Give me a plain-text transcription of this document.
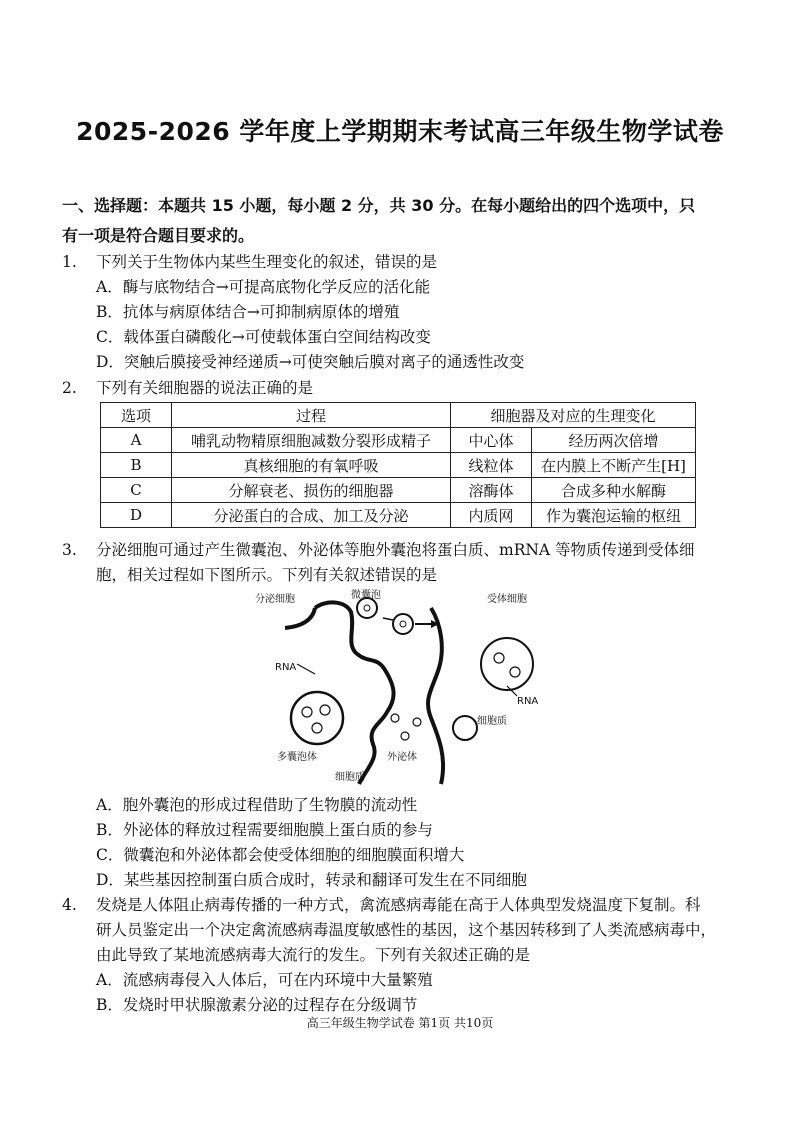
2025-2026 学年度上学期期末考试高三年级生物学试卷
一、选择题：本题共 15 小题，每小题 2 分，共 30 分。在每小题给出的四个选项中，只
有一项是符合题目要求的。
1. 下列关于生物体内某些生理变化的叙述，错误的是
A．酶与底物结合→可提高底物化学反应的活化能
B．抗体与病原体结合→可抑制病原体的增殖
C．载体蛋白磷酸化→可使载体蛋白空间结构改变
D．突触后膜接受神经递质→可使突触后膜对离子的通透性改变
2. 下列有关细胞器的说法正确的是
选项	过程	细胞器及对应的生理变化	
A	哺乳动物精原细胞减数分裂形成精子	中心体	经历两次倍增
B	真核细胞的有氧呼吸	线粒体	在内膜上不断产生[H]
C	分解衰老、损伤的细胞器	溶酶体	合成多种水解酶
D	分泌蛋白的合成、加工及分泌	内质网	作为囊泡运输的枢纽
3. 分泌细胞可通过产生微囊泡、外泌体等胞外囊泡将蛋白质、mRNA 等物质传递到受体细
胞，相关过程如下图所示。下列有关叙述错误的是
分泌细胞	微囊泡	受体细胞
RNA
RNA
多囊泡体
细胞质
外泌体
细胞质
A．胞外囊泡的形成过程借助了生物膜的流动性
B．外泌体的释放过程需要细胞膜上蛋白质的参与
C．微囊泡和外泌体都会使受体细胞的细胞膜面积增大
D．某些基因控制蛋白质合成时，转录和翻译可发生在不同细胞
4. 发烧是人体阻止病毒传播的一种方式，禽流感病毒能在高于人体典型发烧温度下复制。科
研人员鉴定出一个决定禽流感病毒温度敏感性的基因，这个基因转移到了人类流感病毒中，
由此导致了某地流感病毒大流行的发生。下列有关叙述正确的是
A．流感病毒侵入人体后，可在内环境中大量繁殖
B．发烧时甲状腺激素分泌的过程存在分级调节
高三年级生物学试卷 第1页 共10页
